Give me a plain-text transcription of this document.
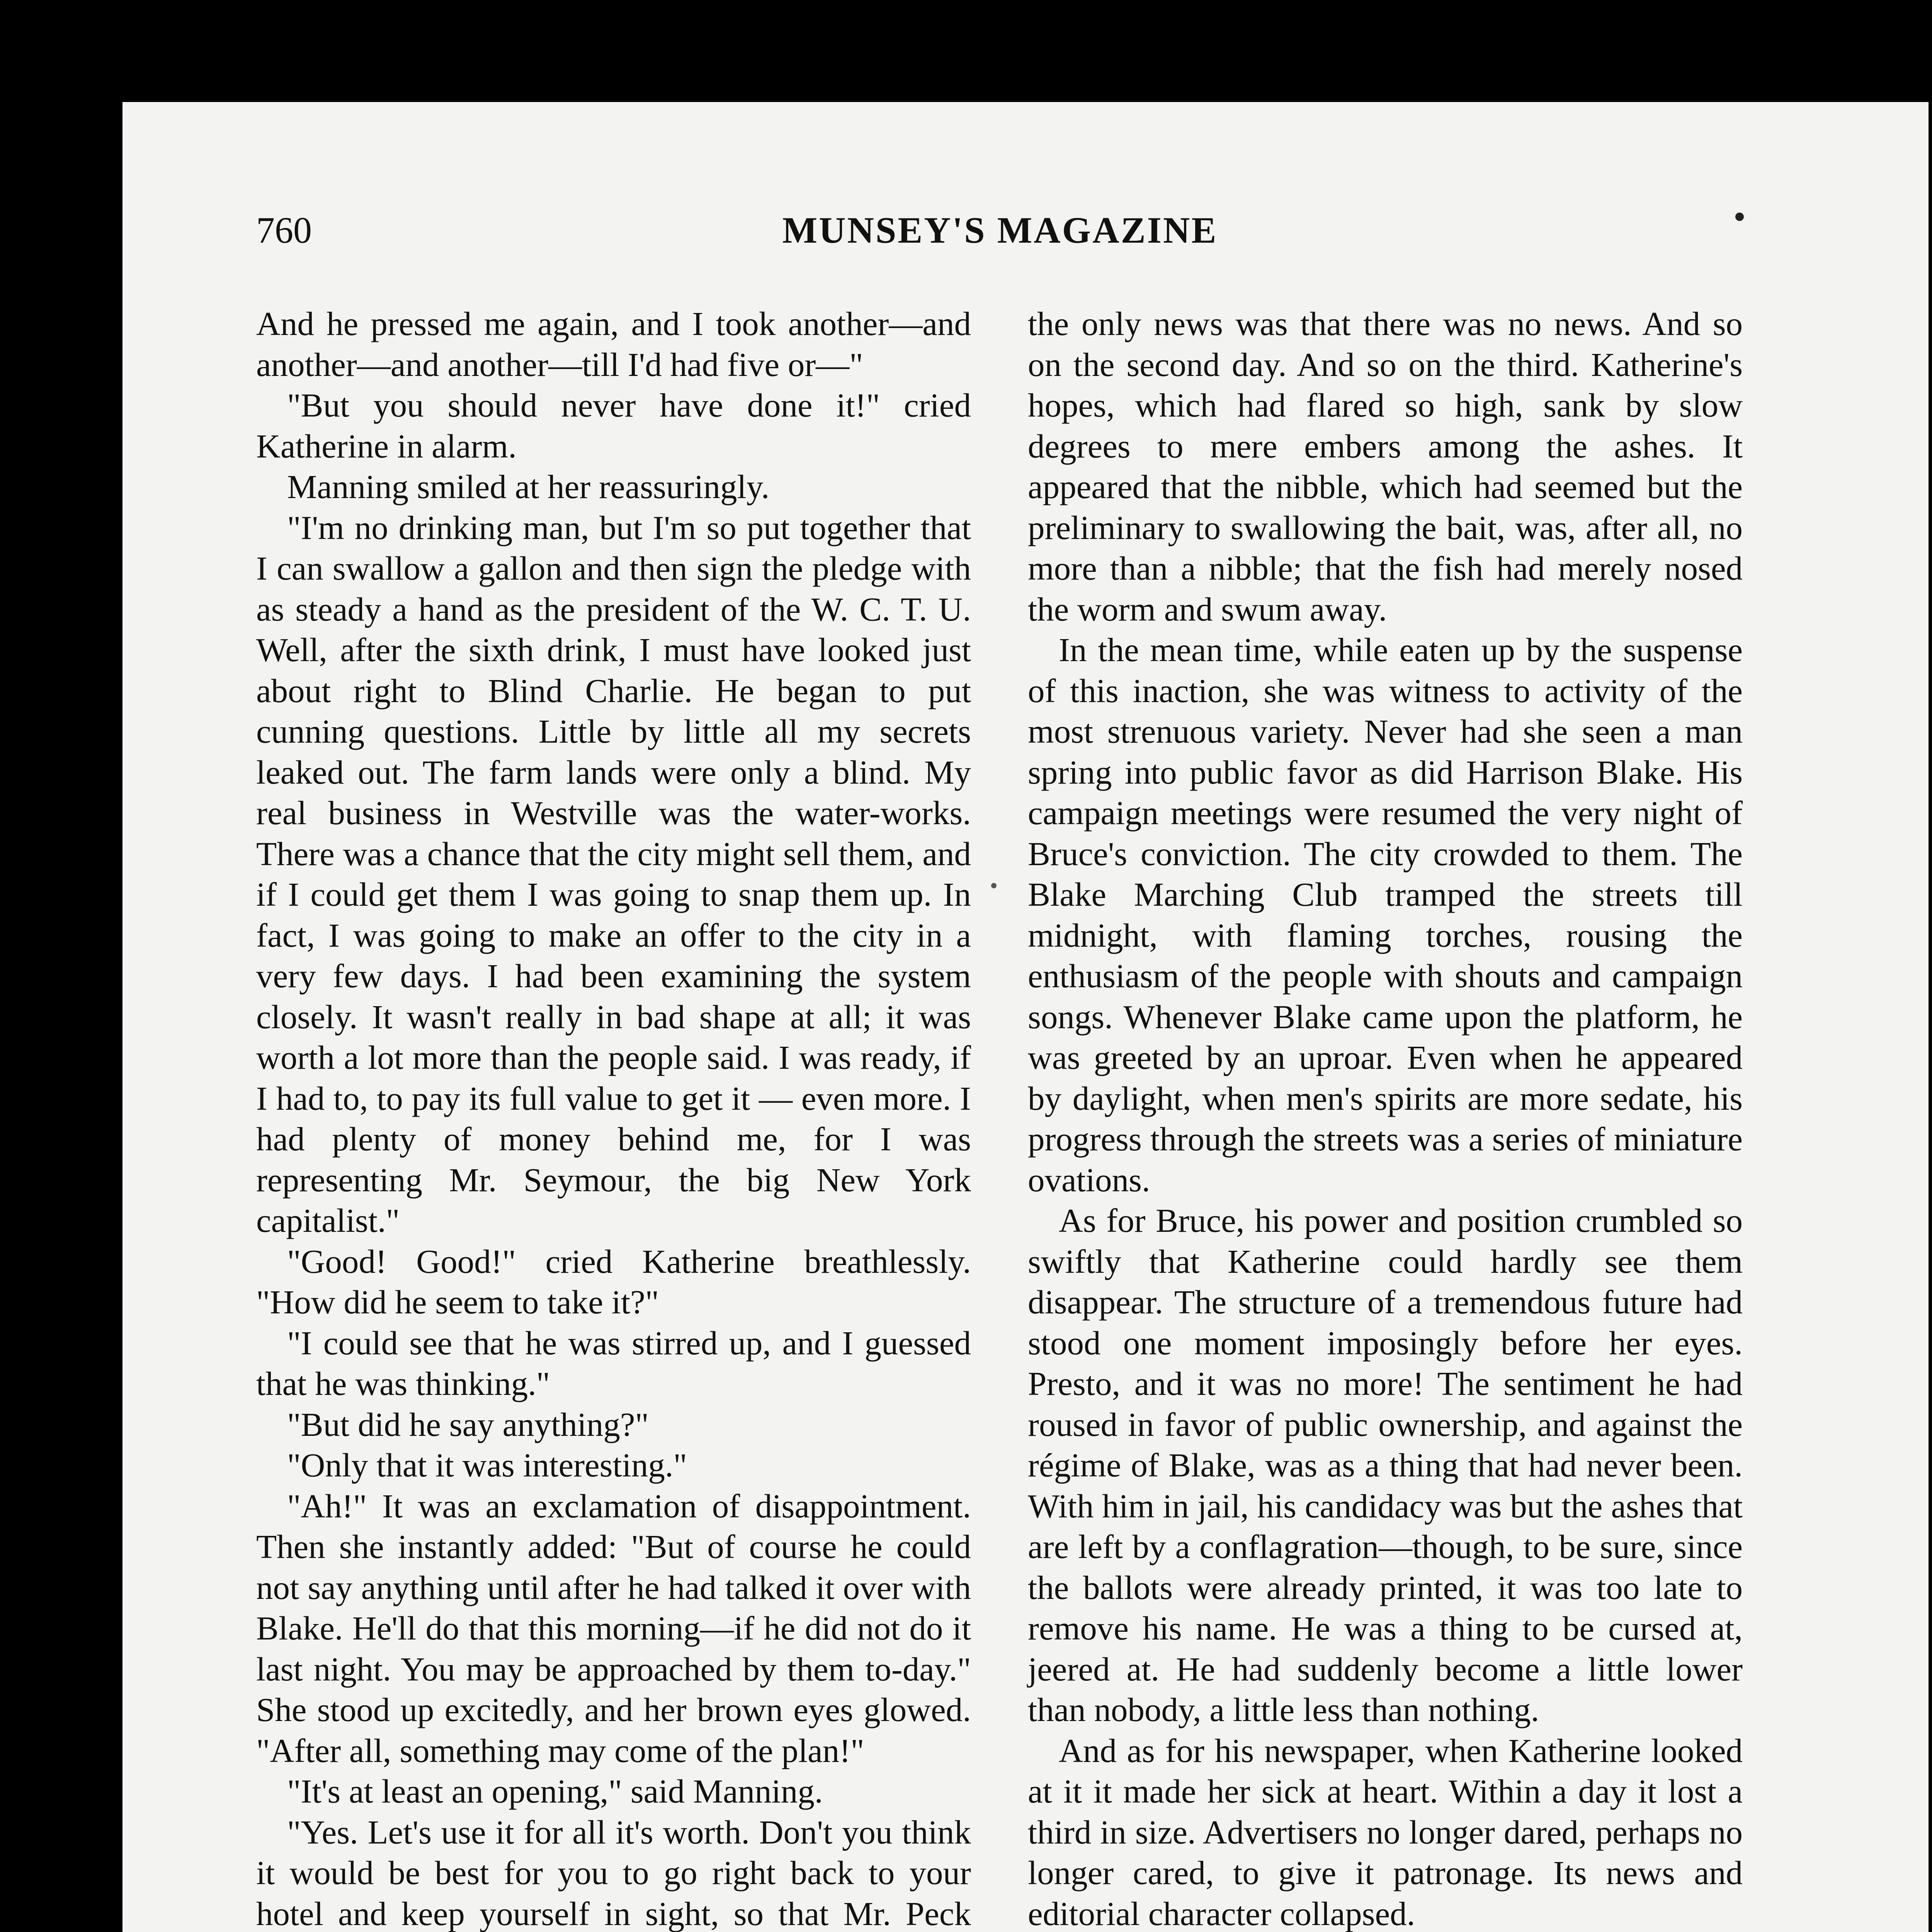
760	MUNSEY'S MAGAZINE

And he pressed me again, and I took another—and another—and another—till I'd had five or—"

"But you should never have done it!" cried Katherine in alarm.

Manning smiled at her reassuringly.

"I'm no drinking man, but I'm so put together that I can swallow a gallon and then sign the pledge with as steady a hand as the president of the W. C. T. U. Well, after the sixth drink, I must have looked just about right to Blind Charlie. He began to put cunning questions. Little by little all my secrets leaked out. The farm lands were only a blind. My real business in Westville was the water-works. There was a chance that the city might sell them, and if I could get them I was going to snap them up. In fact, I was going to make an offer to the city in a very few days. I had been examining the system closely. It wasn't really in bad shape at all; it was worth a lot more than the people said. I was ready, if I had to, to pay its full value to get it — even more. I had plenty of money behind me, for I was representing Mr. Seymour, the big New York capitalist."

"Good! Good!" cried Katherine breathlessly. "How did he seem to take it?"

"I could see that he was stirred up, and I guessed that he was thinking."

"But did he say anything?"

"Only that it was interesting."

"Ah!" It was an exclamation of disappointment. Then she instantly added: "But of course he could not say anything until after he had talked it over with Blake. He'll do that this morning—if he did not do it last night. You may be approached by them to-day." She stood up excitedly, and her brown eyes glowed. "After all, something may come of the plan!"

"It's at least an opening," said Manning.

"Yes. Let's use it for all it's worth. Don't you think it would be best for you to go right back to your hotel and keep yourself in sight, so that Mr. Peck

the only news was that there was no news. And so on the second day. And so on the third. Katherine's hopes, which had flared so high, sank by slow degrees to mere embers among the ashes. It appeared that the nibble, which had seemed but the preliminary to swallowing the bait, was, after all, no more than a nibble; that the fish had merely nosed the worm and swum away.

In the mean time, while eaten up by the suspense of this inaction, she was witness to activity of the most strenuous variety. Never had she seen a man spring into public favor as did Harrison Blake. His campaign meetings were resumed the very night of Bruce's conviction. The city crowded to them. The Blake Marching Club tramped the streets till midnight, with flaming torches, rousing the enthusiasm of the people with shouts and campaign songs. Whenever Blake came upon the platform, he was greeted by an uproar. Even when he appeared by daylight, when men's spirits are more sedate, his progress through the streets was a series of miniature ovations.

As for Bruce, his power and position crumbled so swiftly that Katherine could hardly see them disappear. The structure of a tremendous future had stood one moment imposingly before her eyes. Presto, and it was no more! The sentiment he had roused in favor of public ownership, and against the régime of Blake, was as a thing that had never been. With him in jail, his candidacy was but the ashes that are left by a conflagration—though, to be sure, since the ballots were already printed, it was too late to remove his name. He was a thing to be cursed at, jeered at. He had suddenly become a little lower than nobody, a little less than nothing.

And as for his newspaper, when Katherine looked at it it made her sick at heart. Within a day it lost a third in size. Advertisers no longer dared, perhaps no longer cared, to give it patronage. Its news and editorial character collapsed.
